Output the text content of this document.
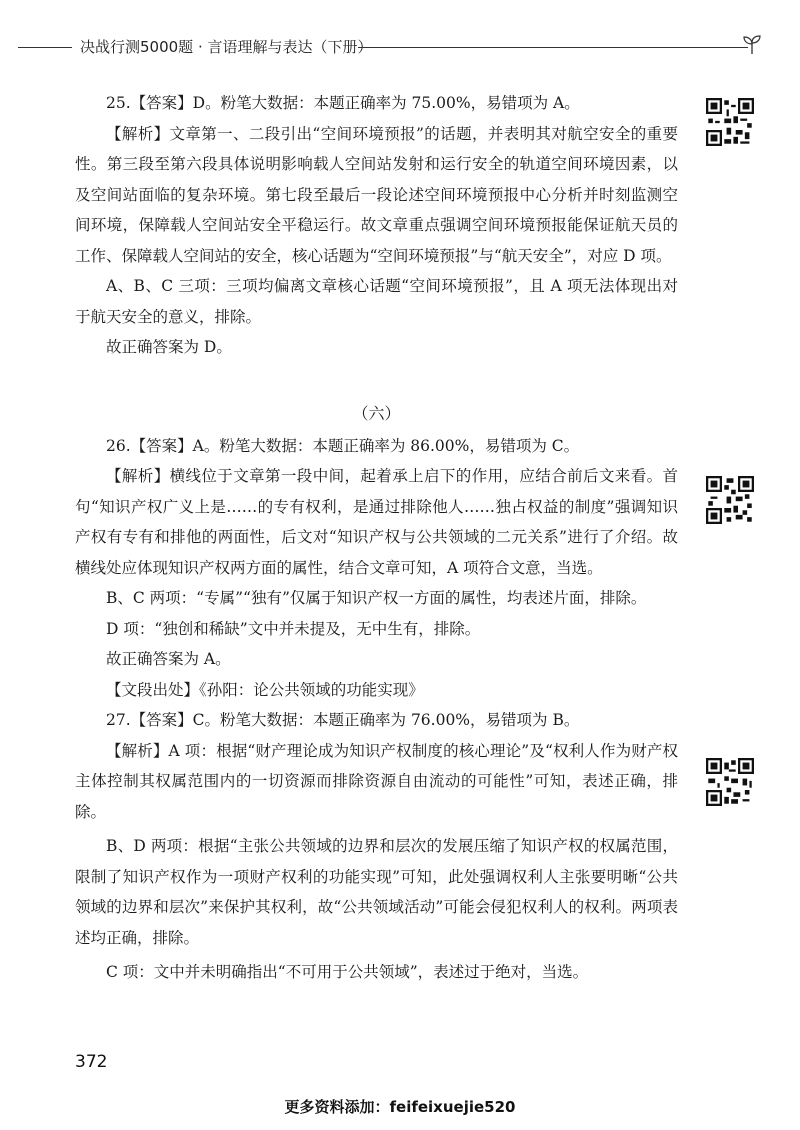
决战行测5000题 · 言语理解与表达（下册）

25.【答案】D。粉笔大数据：本题正确率为 75.00%，易错项为 A。

【解析】文章第一、二段引出“空间环境预报”的话题，并表明其对航空安全的重要性。第三段至第六段具体说明影响载人空间站发射和运行安全的轨道空间环境因素，以及空间站面临的复杂环境。第七段至最后一段论述空间环境预报中心分析并时刻监测空间环境，保障载人空间站安全平稳运行。故文章重点强调空间环境预报能保证航天员的工作、保障载人空间站的安全，核心话题为“空间环境预报”与“航天安全”，对应 D 项。

A、B、C 三项：三项均偏离文章核心话题“空间环境预报”，且 A 项无法体现出对于航天安全的意义，排除。

故正确答案为 D。

（六）

26.【答案】A。粉笔大数据：本题正确率为 86.00%，易错项为 C。

【解析】横线位于文章第一段中间，起着承上启下的作用，应结合前后文来看。首句“知识产权广义上是……的专有权利，是通过排除他人……独占权益的制度”强调知识产权有专有和排他的两面性，后文对“知识产权与公共领域的二元关系”进行了介绍。故横线处应体现知识产权两方面的属性，结合文章可知，A 项符合文意，当选。

B、C 两项：“专属”“独有”仅属于知识产权一方面的属性，均表述片面，排除。

D 项：“独创和稀缺”文中并未提及，无中生有，排除。

故正确答案为 A。

【文段出处】《孙阳：论公共领域的功能实现》

27.【答案】C。粉笔大数据：本题正确率为 76.00%，易错项为 B。

【解析】A 项：根据“财产理论成为知识产权制度的核心理论”及“权利人作为财产权主体控制其权属范围内的一切资源而排除资源自由流动的可能性”可知，表述正确，排除。

B、D 两项：根据“主张公共领域的边界和层次的发展压缩了知识产权的权属范围，限制了知识产权作为一项财产权利的功能实现”可知，此处强调权利人主张要明晰“公共领域的边界和层次”来保护其权利，故“公共领域活动”可能会侵犯权利人的权利。两项表述均正确，排除。

C 项：文中并未明确指出“不可用于公共领域”，表述过于绝对，当选。

372
更多资料添加：feifeixuejie520
